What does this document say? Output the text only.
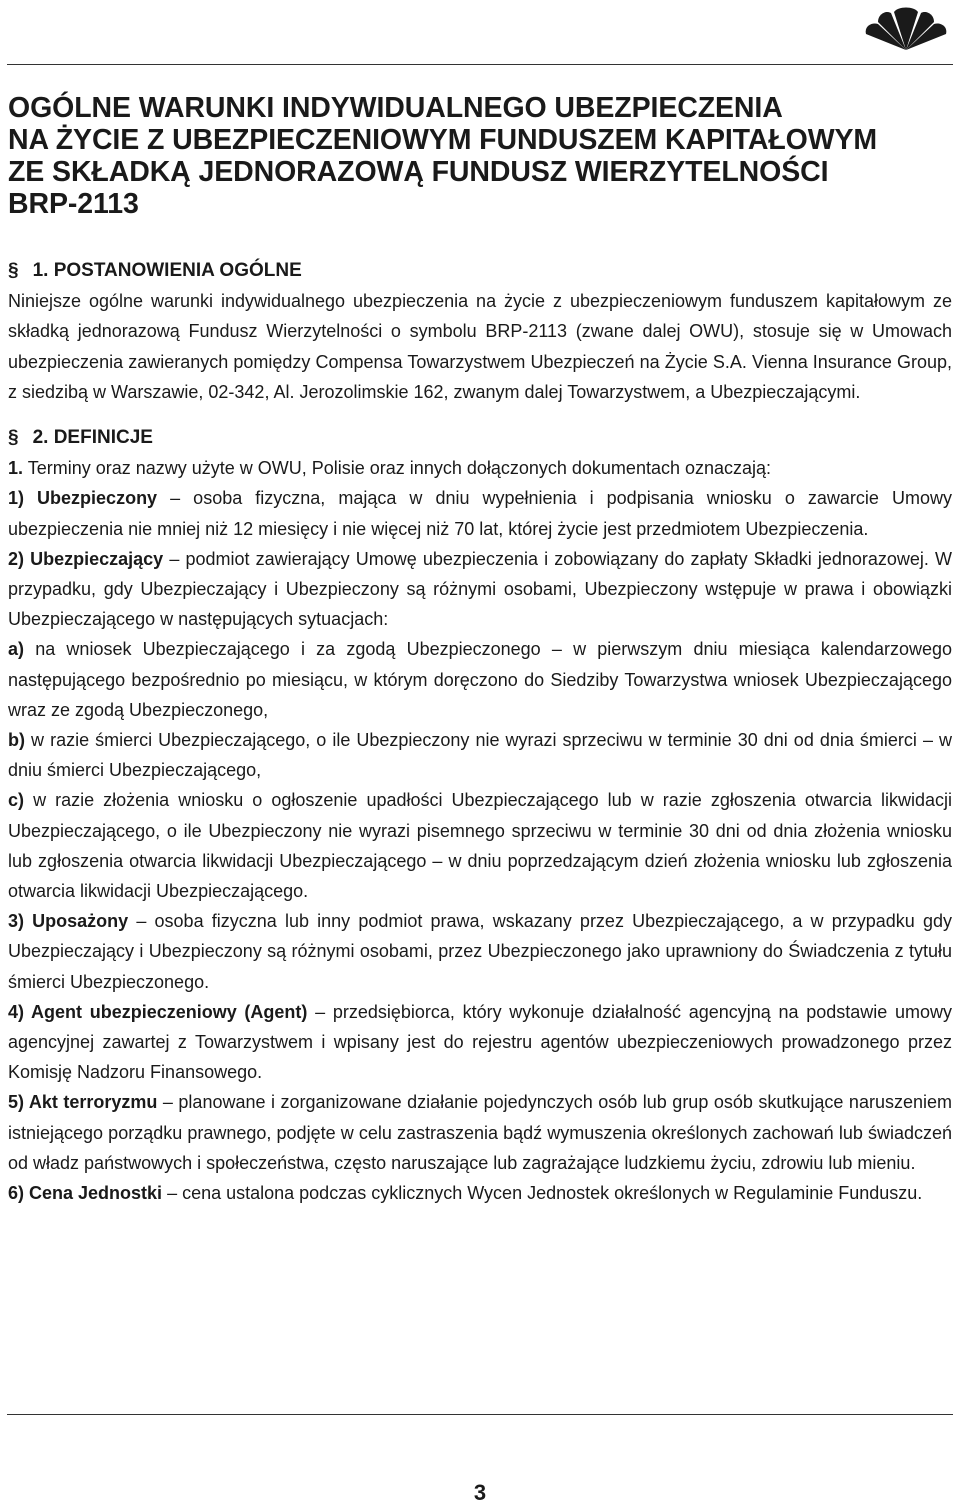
OGÓLNE WARUNKI INDYWIDUALNEGO UBEZPIECZENIA
NA ŻYCIE Z UBEZPIECZENIOWYM FUNDUSZEM KAPITAŁOWYM
ZE SKŁADKĄ JEDNORAZOWĄ FUNDUSZ WIERZYTELNOŚCI
BRP-2113
§ 1. POSTANOWIENIA OGÓLNE

Niniejsze ogólne warunki indywidualnego ubezpieczenia na życie z ubezpieczeniowym funduszem kapitałowym ze składką jednorazową Fundusz Wierzytelności o symbolu BRP-2113 (zwane dalej OWU), stosuje się w Umowach ubezpieczenia zawieranych pomiędzy Compensa Towarzystwem Ubezpieczeń na Życie S.A. Vienna Insurance Group, z siedzibą w Warszawie, 02-342, Al. Jerozolimskie 162, zwanym dalej Towarzystwem, a Ubezpieczającymi.

§ 2. DEFINICJE

1. Terminy oraz nazwy użyte w OWU, Polisie oraz innych dołączonych dokumentach oznaczają:

1) Ubezpieczony – osoba fizyczna, mająca w dniu wypełnienia i podpisania wniosku o zawarcie Umowy ubezpieczenia nie mniej niż 12 miesięcy i nie więcej niż 70 lat, której życie jest przedmiotem Ubezpieczenia.

2) Ubezpieczający – podmiot zawierający Umowę ubezpieczenia i zobowiązany do zapłaty Składki jednorazowej. W przypadku, gdy Ubezpieczający i Ubezpieczony są różnymi osobami, Ubezpieczony wstępuje w prawa i obowiązki Ubezpieczającego w następujących sytuacjach:

a) na wniosek Ubezpieczającego i za zgodą Ubezpieczonego – w pierwszym dniu miesiąca kalendarzowego następującego bezpośrednio po miesiącu, w którym doręczono do Siedziby Towarzystwa wniosek Ubezpieczającego wraz ze zgodą Ubezpieczonego,

b) w razie śmierci Ubezpieczającego, o ile Ubezpieczony nie wyrazi sprzeciwu w terminie 30 dni od dnia śmierci – w dniu śmierci Ubezpieczającego,

c) w razie złożenia wniosku o ogłoszenie upadłości Ubezpieczającego lub w razie zgłoszenia otwarcia likwidacji Ubezpieczającego, o ile Ubezpieczony nie wyrazi pisemnego sprzeciwu w terminie 30 dni od dnia złożenia wniosku lub zgłoszenia otwarcia likwidacji Ubezpieczającego – w dniu poprzedzającym dzień złożenia wniosku lub zgłoszenia otwarcia likwidacji Ubezpieczającego.

3) Uposażony – osoba fizyczna lub inny podmiot prawa, wskazany przez Ubezpieczającego, a w przypadku gdy Ubezpieczający i Ubezpieczony są różnymi osobami, przez Ubezpieczonego jako uprawniony do Świadczenia z tytułu śmierci Ubezpieczonego.

4) Agent ubezpieczeniowy (Agent) – przedsiębiorca, który wykonuje działalność agencyjną na podstawie umowy agencyjnej zawartej z Towarzystwem i wpisany jest do rejestru agentów ubezpieczeniowych prowadzonego przez Komisję Nadzoru Finansowego.

5) Akt terroryzmu – planowane i zorganizowane działanie pojedynczych osób lub grup osób skutkujące naruszeniem istniejącego porządku prawnego, podjęte w celu zastraszenia bądź wymuszenia określonych zachowań lub świadczeń od władz państwowych i społeczeństwa, często naruszające lub zagrażające ludzkiemu życiu, zdrowiu lub mieniu.

6) Cena Jednostki – cena ustalona podczas cyklicznych Wycen Jednostek określonych w Regulaminie Funduszu.

3
